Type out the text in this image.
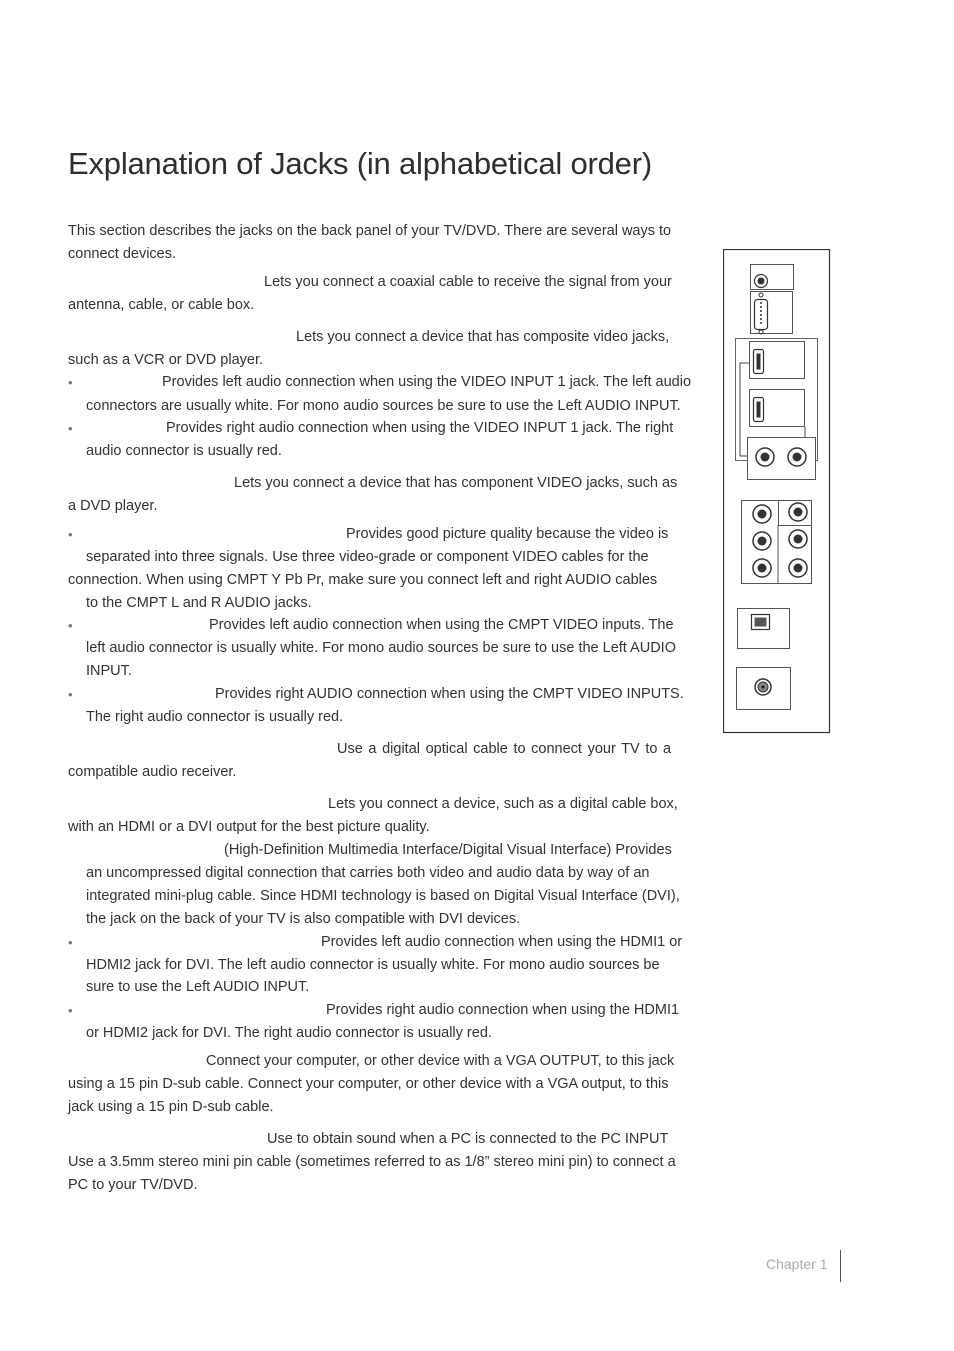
Explanation of Jacks (in alphabetical order)

This section describes the jacks on the back panel of your TV/DVD. There are several ways to

connect devices.

Lets you connect a coaxial cable to receive the signal from your

antenna, cable, or cable box.

Lets you connect a device that has composite video jacks,

such as a VCR or DVD player.

•	Provides left audio connection when using the VIDEO INPUT 1 jack. The left audio

connectors are usually white. For mono audio sources be sure to use the Left AUDIO INPUT.

•	Provides right audio connection when using the VIDEO INPUT 1 jack. The right

audio connector is usually red.

Lets you connect a device that has component VIDEO jacks, such as

a DVD player.

•	Provides good picture quality because the video is

separated into three signals. Use three video-grade or component VIDEO cables for the

connection. When using CMPT Y Pb Pr, make sure you connect left and right AUDIO cables

to the CMPT L and R AUDIO jacks.

•	Provides left audio connection when using the CMPT VIDEO inputs. The

left audio connector is usually white. For mono audio sources be sure to use the Left AUDIO

INPUT.

•	Provides right AUDIO connection when using the CMPT VIDEO INPUTS.

The right audio connector is usually red.

Use a digital optical cable to connect your TV to a

compatible audio receiver.

Lets you connect a device, such as a digital cable box,

with an HDMI or a DVI output for the best picture quality.

(High-Definition Multimedia Interface/Digital Visual Interface) Provides

an uncompressed digital connection that carries both video and audio data by way of an

integrated mini-plug cable. Since HDMI technology is based on Digital Visual Interface (DVI),

the jack on the back of your TV is also compatible with DVI devices.

•	Provides left audio connection when using the HDMI1 or

HDMI2 jack for DVI. The left audio connector is usually white. For mono audio sources be

sure to use the Left AUDIO INPUT.

•	Provides right audio connection when using the HDMI1

or HDMI2 jack for DVI. The right audio connector is usually red.

Connect your computer, or other device with a VGA OUTPUT, to this jack

using a 15 pin D-sub cable. Connect your computer, or other device with a VGA output, to this

jack using a 15 pin D-sub cable.

Use to obtain sound when a PC is connected to the PC INPUT

Use a 3.5mm stereo mini pin cable (sometimes referred to as 1/8” stereo mini pin) to connect a

PC to your TV/DVD.

Chapter 1
